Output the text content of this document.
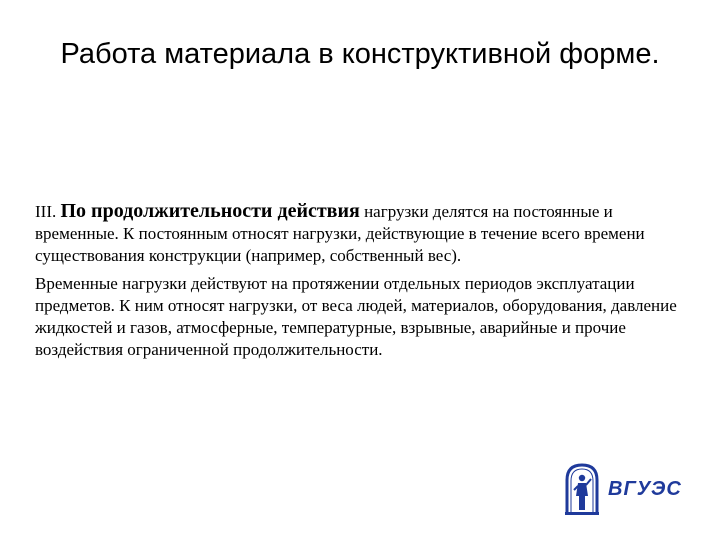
Работа материала в конструктивной форме.

III. По продолжительности действия нагрузки делятся на постоянные и временные. К постоянным относят нагрузки, действующие в течение всего времени существования конструкции (например, собственный вес).

Временные нагрузки действуют на протяжении отдельных периодов эксплуатации предметов. К ним относят нагрузки, от веса людей, материалов, оборудования, давление жидкостей и газов, атмосферные, температурные, взрывные, аварийные и прочие воздействия ограниченной продолжительности.

ВГУЭС
